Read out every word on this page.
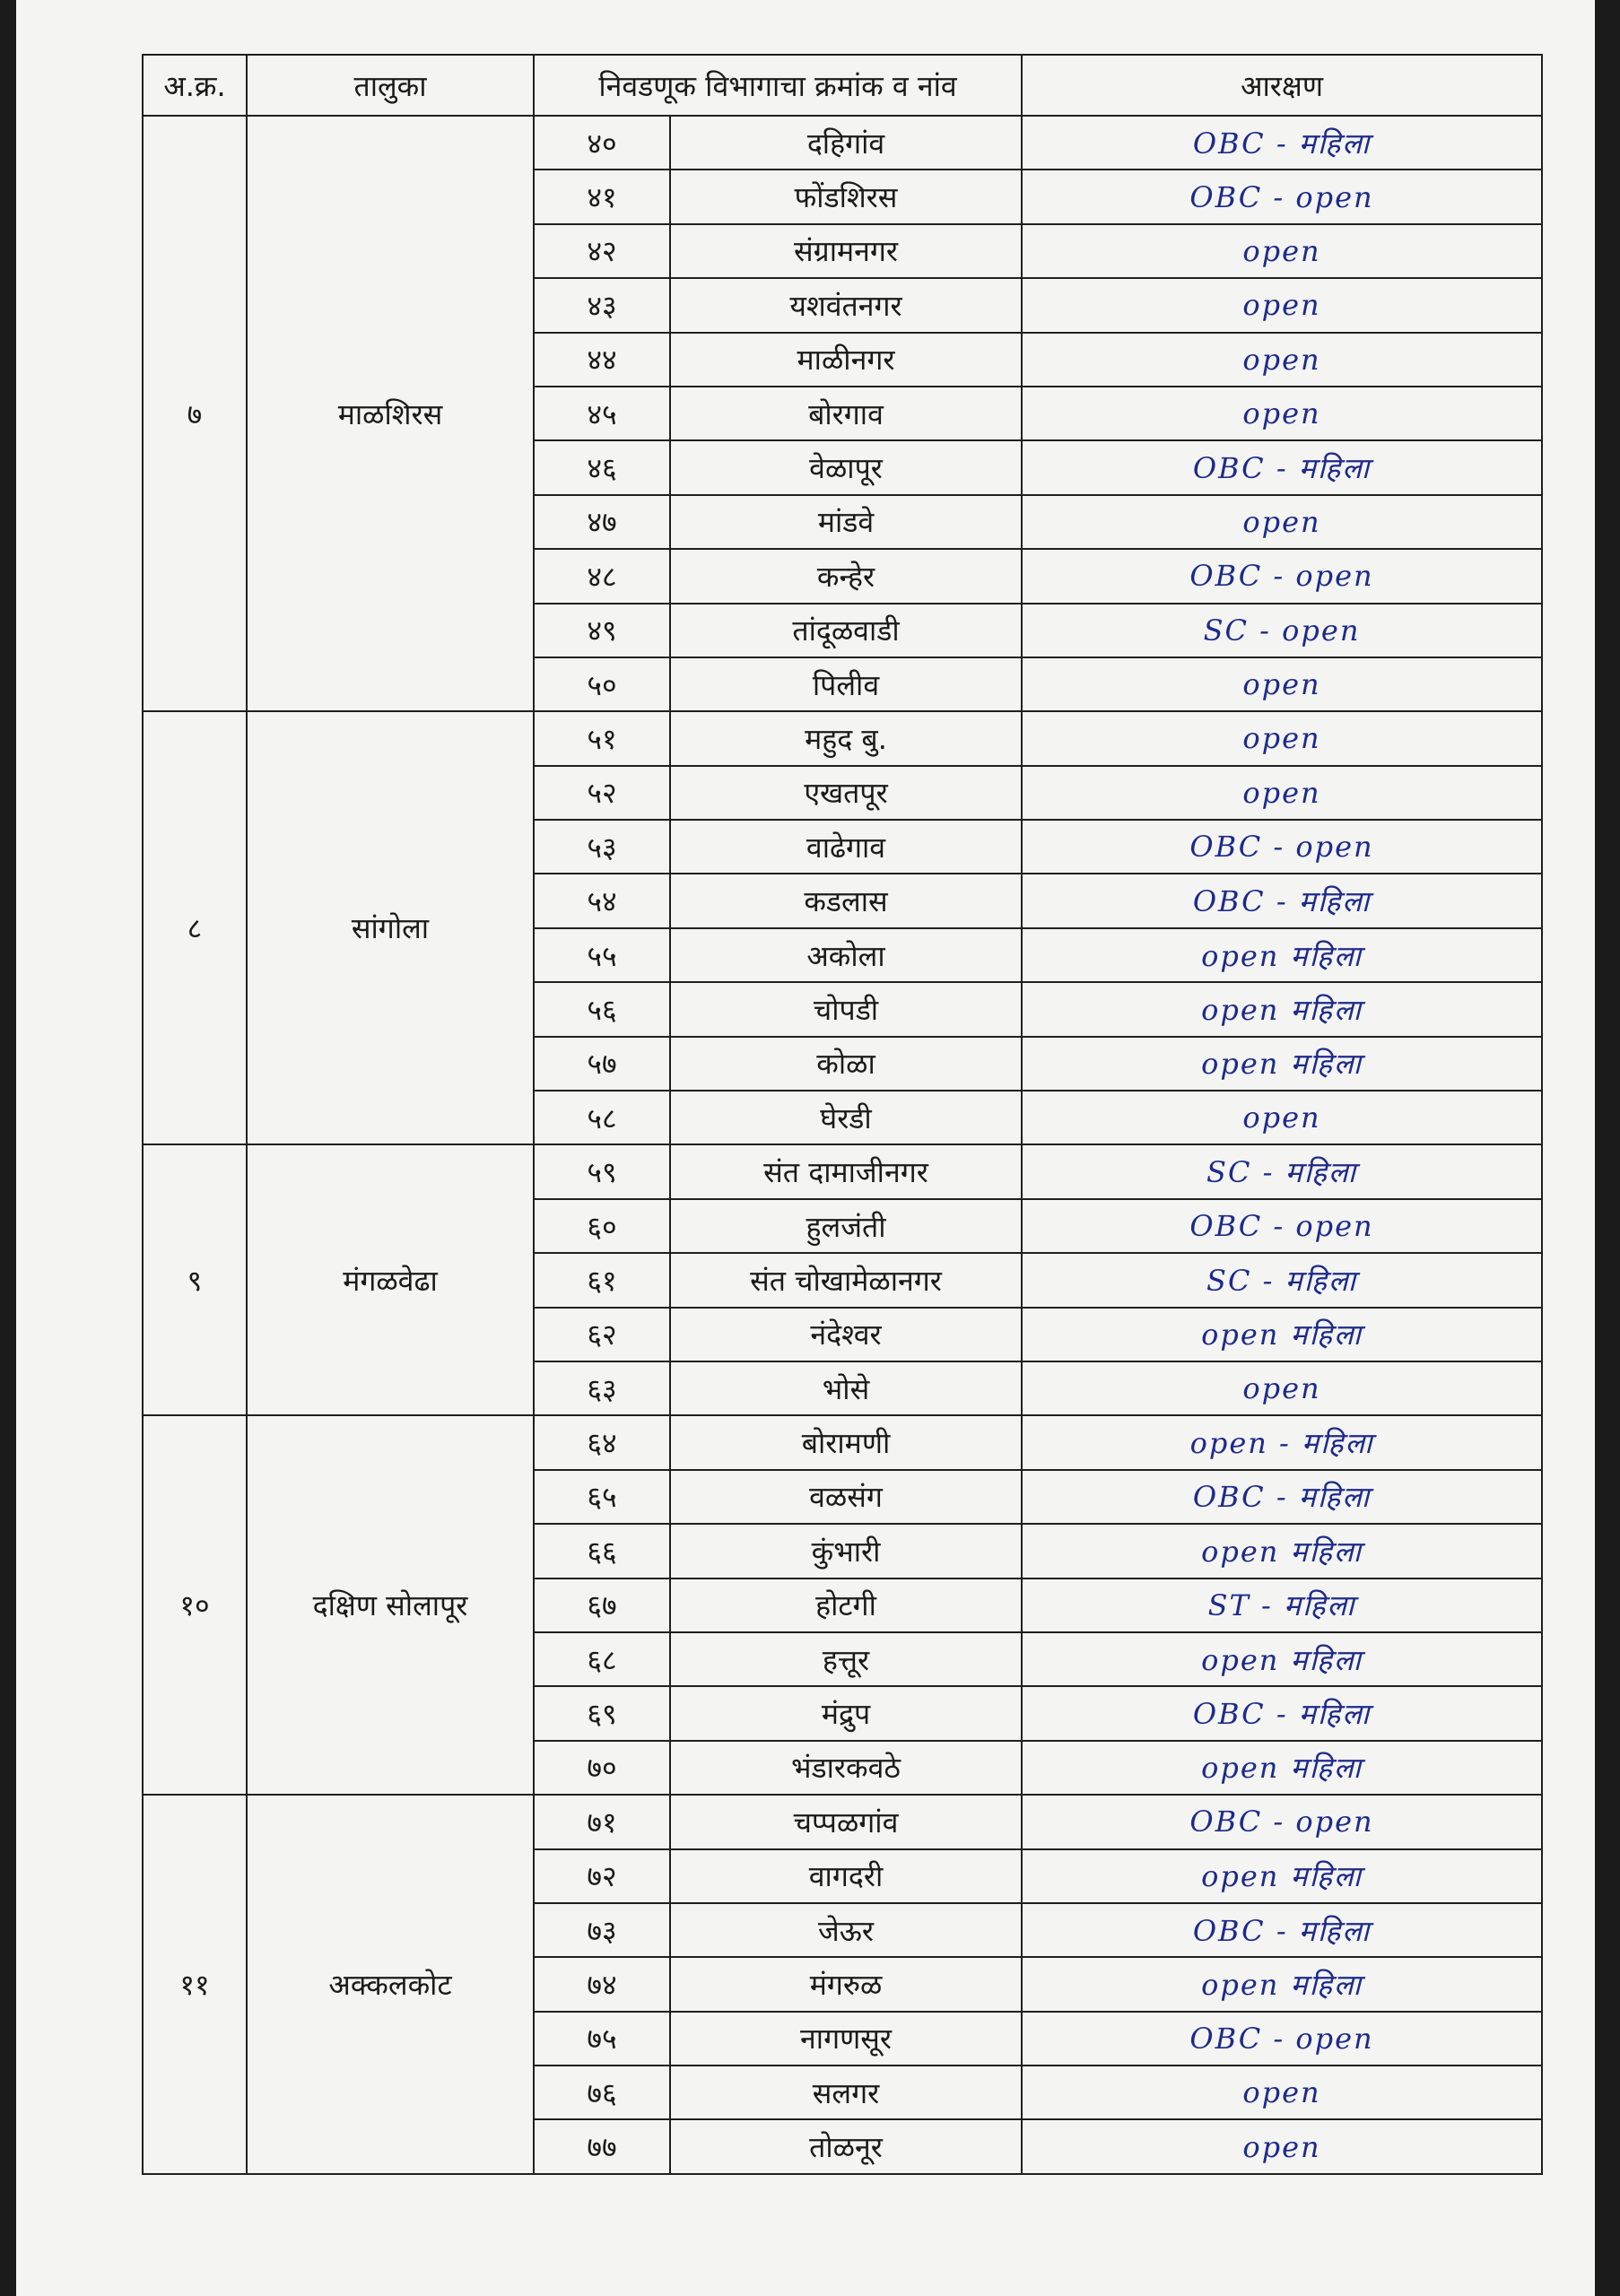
अ.क्र.	तालुका	निवडणूक विभागाचा क्रमांक व नांव		आरक्षण
७	माळशिरस	४०	दहिगांव	OBC - महिला
		४१	फोंडशिरस	OBC - open
		४२	संग्रामनगर	open
		४३	यशवंतनगर	open
		४४	माळीनगर	open
		४५	बोरगाव	open
		४६	वेळापूर	OBC - महिला
		४७	मांडवे	open
		४८	कन्हेर	OBC - open
		४९	तांदूळवाडी	SC - open
		५०	पिलीव	open
८	सांगोला	५१	महुद बु.	open
		५२	एखतपूर	open
		५३	वाढेगाव	OBC - open
		५४	कडलास	OBC - महिला
		५५	अकोला	open महिला
		५६	चोपडी	open महिला
		५७	कोळा	open महिला
		५८	घेरडी	open
९	मंगळवेढा	५९	संत दामाजीनगर	SC - महिला
		६०	हुलजंती	OBC - open
		६१	संत चोखामेळानगर	SC - महिला
		६२	नंदेश्वर	open महिला
		६३	भोसे	open
१०	दक्षिण सोलापूर	६४	बोरामणी	open - महिला
		६५	वळसंग	OBC - महिला
		६६	कुंभारी	open महिला
		६७	होटगी	ST - महिला
		६८	हत्तूर	open महिला
		६९	मंद्रुप	OBC - महिला
		७०	भंडारकवठे	open महिला
११	अक्कलकोट	७१	चप्पळगांव	OBC - open
		७२	वागदरी	open महिला
		७३	जेऊर	OBC - महिला
		७४	मंगरुळ	open महिला
		७५	नागणसूर	OBC - open
		७६	सलगर	open
		७७	तोळनूर	open
